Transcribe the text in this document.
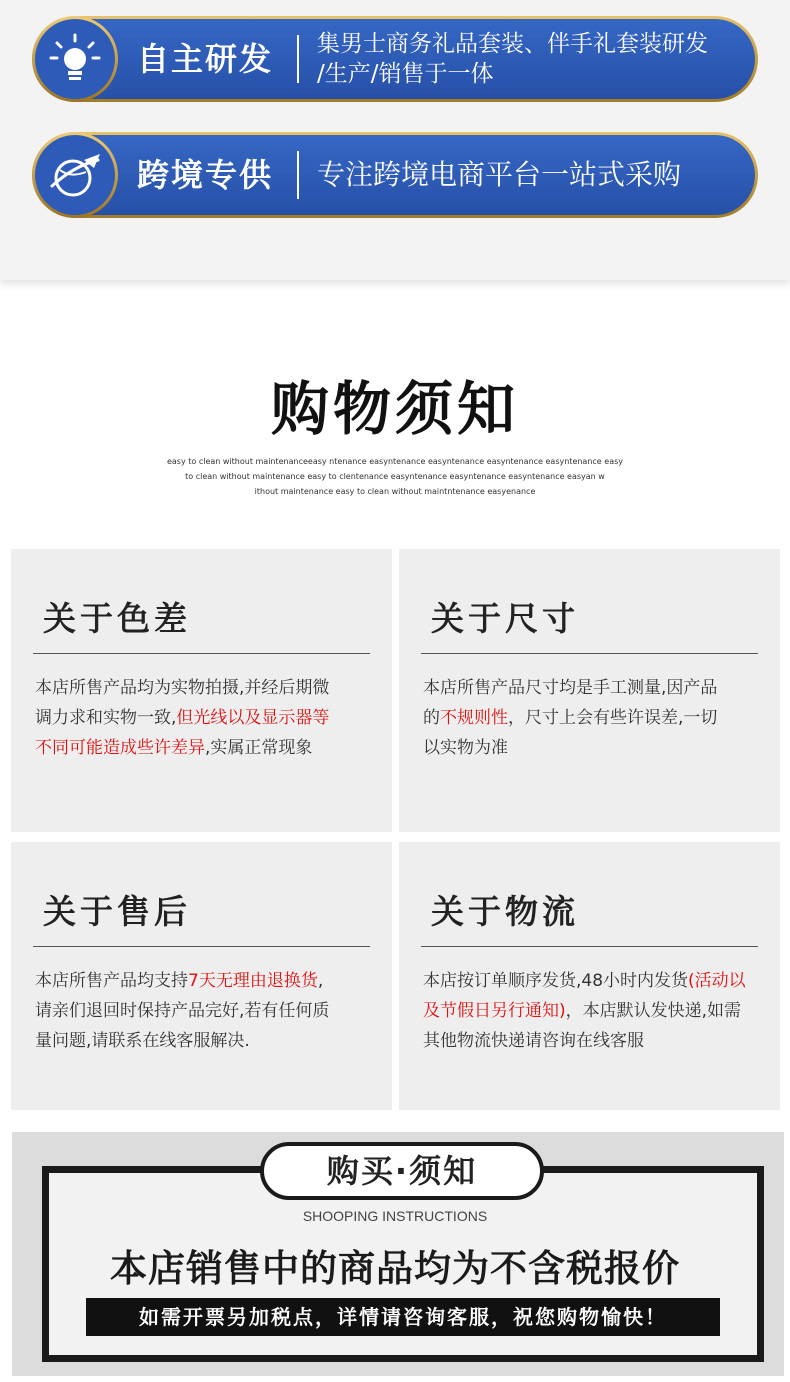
自主研发 集男士商务礼品套装、伴手礼套装研发
/生产/销售于一体
跨境专供 专注跨境电商平台一站式采购
购物须知
easy to clean without maintenanceeasy ntenance easyntenance easyntenance easyntenance easyntenance easy
to clean without maintenance easy to clentenance easyntenance easyntenance easyntenance easyan w
ithout maintenance easy to clean without maintntenance easyenance
关于色差
本店所售产品均为实物拍摄,并经后期微
调力求和实物一致,但光线以及显示器等
不同可能造成些许差异,实属正常现象
关于尺寸
本店所售产品尺寸均是手工测量,因产品
的不规则性，尺寸上会有些许误差,一切
以实物为准
关于售后
本店所售产品均支持7天无理由退换货,
请亲们退回时保持产品完好,若有任何质
量问题,请联系在线客服解决.
关于物流
本店按订单顺序发货,48小时内发货(活动以
及节假日另行通知)，本店默认发快递,如需
其他物流快递请咨询在线客服
购买·须知
SHOOPING INSTRUCTIONS
本店销售中的商品均为不含税报价
如需开票另加税点，详情请咨询客服，祝您购物愉快！
